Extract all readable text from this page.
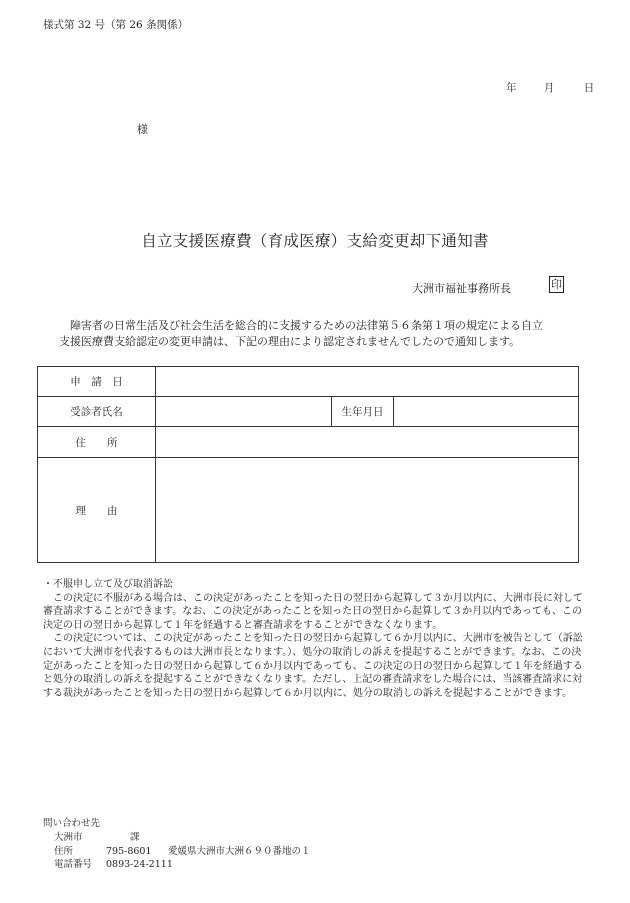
様式第 32 号（第 26 条関係）
年	月	日
様
自立支援医療費（育成医療）支給変更却下通知書
大洲市福祉事務所長	印

障害者の日常生活及び社会生活を総合的に支援するための法律第５６条第１項の規定による自立

支援医療費支給認定の変更申請は、下記の理由により認定されませんでしたので通知します。

申　請　日			
受診者氏名		生年月日	
住　　所			
理　　由			

・不服申し立て及び取消訴訟

この決定に不服がある場合は、この決定があったことを知った日の翌日から起算して３か月以内に、大洲市長に対して審査請求することができます。なお、この決定があったことを知った日の翌日から起算して３か月以内であっても、この決定の日の翌日から起算して１年を経過すると審査請求をすることができなくなります。

この決定については、この決定があったことを知った日の翌日から起算して６か月以内に、大洲市を被告として（訴訟において大洲市を代表するものは大洲市長となります。）、処分の取消しの訴えを提起することができます。なお、この決定があったことを知った日の翌日から起算して６か月以内であっても、この決定の日の翌日から起算して１年を経過すると処分の取消しの訴えを提起することができなくなります。ただし、上記の審査請求をした場合には、当該審査請求に対する裁決があったことを知った日の翌日から起算して６か月以内に、処分の取消しの訴えを提起することができます。

問い合わせ先
大洲市	課
住所	795-8601 愛媛県大洲市大洲６９０番地の１
電話番号 0893-24-2111
